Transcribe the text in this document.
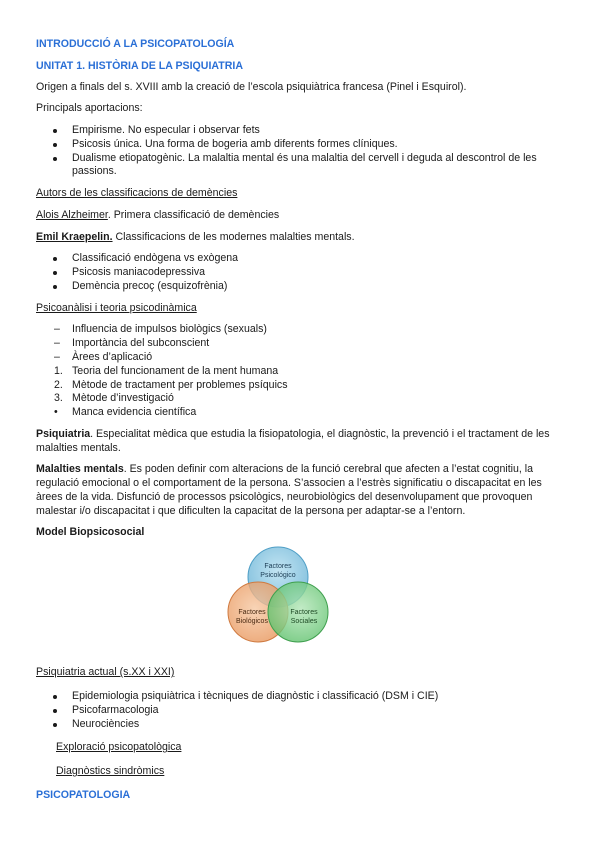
INTRODUCCIÓ A LA PSICOPATOLOGÍA
UNITAT 1. HISTÒRIA DE LA PSIQUIATRIA

Origen a finals del s. XVIII amb la creació de l’escola psiquiàtrica francesa (Pinel i Esquirol).

Principals aportacions:

Empirisme. No especular i observar fets
Psicosis única. Una forma de bogeria amb diferents formes clíniques.
Dualisme etiopatogènic. La malaltia mental és una malaltia del cervell i deguda al descontrol de les passions.

Autors de les classificacions de demències

Alois Alzheimer. Primera classificació de demències

Emil Kraepelin. Classificacions de les modernes malalties mentals.

Classificació endògena vs exògena
Psicosis maniacodepressiva
Demència precoç (esquizofrènia)

Psicoanàlisi i teoria psicodinàmica

– Influencia de impulsos biològics (sexuals)
– Importància del subconscient
– Àrees d’aplicació
1. Teoria del funcionament de la ment humana
2. Mètode de tractament per problemes psíquics
3. Mètode d’investigació
• Manca evidencia científica

Psiquiatria. Especialitat mèdica que estudia la fisiopatologia, el diagnòstic, la prevenció i el tractament de les malalties mentals.

Malalties mentals. Es poden definir com alteracions de la funció cerebral que afecten a l’estat cognitiu, la regulació emocional o el comportament de la persona. S’associen a l’estrès significatiu o discapacitat en les àrees de la vida. Disfunció de processos psicològics, neurobiològics del desenvolupament que provoquen malestar i/o discapacitat i que dificulten la capacitat de la persona per adaptar-se a l’entorn.

Model Biopsicosocial

Factores
Psicológico
Factores
Biológicos
Factores
Sociales

Psiquiatria actual (s.XX i XXI)

Epidemiologia psiquiàtrica i tècniques de diagnòstic i classificació (DSM i CIE)
Psicofarmacologia
Neurociències

Exploració psicopatològica

Diagnòstics sindròmics

PSICOPATOLOGIA
